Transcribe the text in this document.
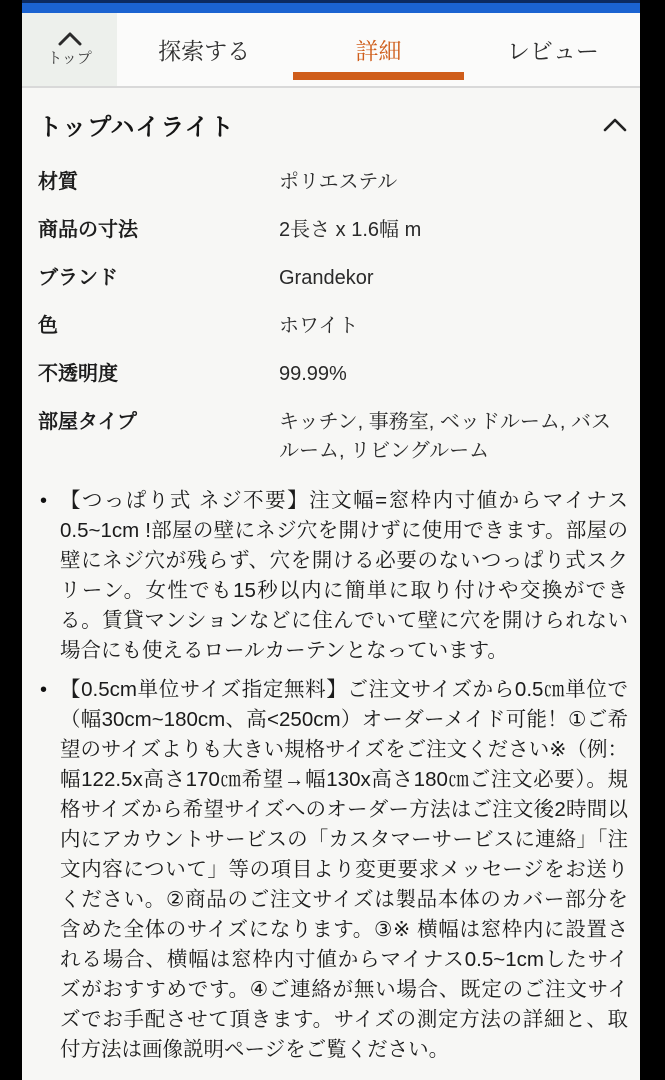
トップ	探索する	詳細	レビュー
トップハイライト
材質	ポリエステル
商品の寸法	2長さ x 1.6幅 m
ブランド	Grandekor
色	ホワイト
不透明度	99.99%
部屋タイプ	キッチン, 事務室, ベッドルーム, バスルーム, リビングルーム
• 【つっぱり式 ネジ不要】注文幅=窓枠内寸値からマイナス0.5~1cm !部屋の壁にネジ穴を開けずに使用できます。部屋の壁にネジ穴が残らず、穴を開ける必要のないつっぱり式スクリーン。女性でも15秒以内に簡単に取り付けや交換ができる。賃貸マンションなどに住んでいて壁に穴を開けられない場合にも使えるロールカーテンとなっています。
• 【0.5cm単位サイズ指定無料】ご注文サイズから0.5㎝単位で（幅30cm~180cm、高<250cm）オーダーメイド可能！①ご希望のサイズよりも大きい規格サイズをご注文ください※（例：幅122.5x高さ170㎝希望→幅130x高さ180㎝ご注文必要）。規格サイズから希望サイズへのオーダー方法はご注文後2時間以内にアカウントサービスの「カスタマーサービスに連絡」「注文内容について」等の項目より変更要求メッセージをお送りください。②商品のご注文サイズは製品本体のカバー部分を含めた全体のサイズになります。③※ 横幅は窓枠内に設置される場合、横幅は窓枠内寸値からマイナス0.5~1cmしたサイズがおすすめです。④ご連絡が無い場合、既定のご注文サイズでお手配させて頂きます。サイズの測定方法の詳細と、取付方法は画像説明ページをご覧ください。
